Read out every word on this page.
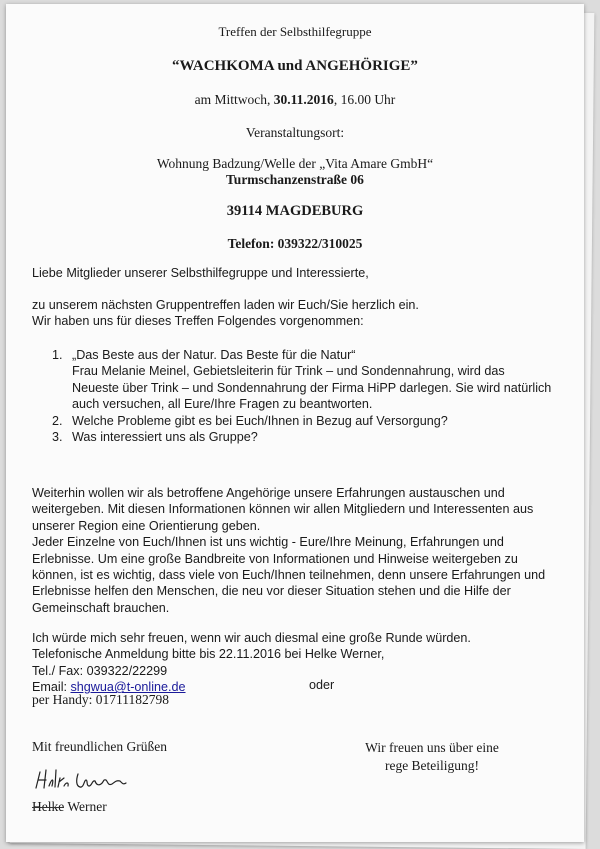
Treffen der Selbsthilfegruppe
“WACHKOMA und ANGEHÖRIGE”
am Mittwoch, 30.11.2016, 16.00 Uhr
Veranstaltungsort:
Wohnung Badzung/Welle der „Vita Amare GmbH“
Turmschanzenstraße 06
39114 MAGDEBURG
Telefon: 039322/310025
Liebe Mitglieder unserer Selbsthilfegruppe und Interessierte,
zu unserem nächsten Gruppentreffen laden wir Euch/Sie herzlich ein.
Wir haben uns für dieses Treffen Folgendes vorgenommen:
1. „Das Beste aus der Natur. Das Beste für die Natur“
Frau Melanie Meinel, Gebietsleiterin für Trink – und Sondennahrung, wird das
Neueste über Trink – und Sondennahrung der Firma HiPP darlegen. Sie wird natürlich
auch versuchen, all Eure/Ihre Fragen zu beantworten.
2. Welche Probleme gibt es bei Euch/Ihnen in Bezug auf Versorgung?
3. Was interessiert uns als Gruppe?
Weiterhin wollen wir als betroffene Angehörige unsere Erfahrungen austauschen und
weitergeben. Mit diesen Informationen können wir allen Mitgliedern und Interessenten aus
unserer Region eine Orientierung geben.
Jeder Einzelne von Euch/Ihnen ist uns wichtig - Eure/Ihre Meinung, Erfahrungen und
Erlebnisse. Um eine große Bandbreite von Informationen und Hinweise weitergeben zu
können, ist es wichtig, dass viele von Euch/Ihnen teilnehmen, denn unsere Erfahrungen und
Erlebnisse helfen den Menschen, die neu vor dieser Situation stehen und die Hilfe der
Gemeinschaft brauchen.
Ich würde mich sehr freuen, wenn wir auch diesmal eine große Runde würden.
Telefonische Anmeldung bitte bis 22.11.2016 bei Helke Werner,
Tel./ Fax: 039322/22299
Email: shgwua@t-online.de	oder
per Handy: 01711182798
Mit freundlichen Grüßen	Wir freuen uns über eine
rege Beteiligung!
Helke Werner
